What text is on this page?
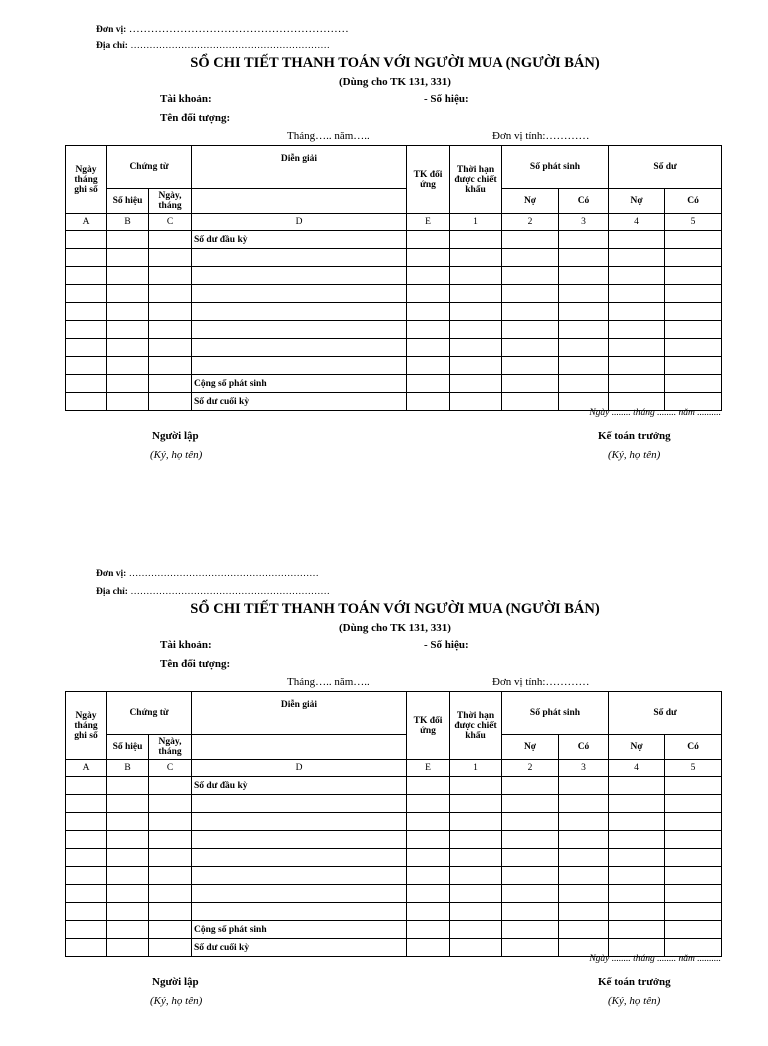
Đơn vị: ……………………………………………………
Địa chỉ: ………………………………………………………
SỔ CHI TIẾT THANH TOÁN VỚI NGƯỜI MUA (NGƯỜI BÁN)
(Dùng cho TK 131, 331)
Tài khoản:	- Số hiệu:
Tên đối tượng:
Tháng….. năm…..	Đơn vị tính:…………
Ngày tháng ghi sổ	Chứng từ		Diễn giải	TK đối ứng	Thời hạn được chiết khấu	Số phát sinh		Số dư	
	Số hiệu	Ngày, tháng				Nợ	Có	Nợ	Có
A	B	C	D	E	1	2	3	4	5
			Số dư đầu kỳ						

			Cộng số phát sinh						
			Số dư cuối kỳ						
Ngày ........ tháng ........ năm ..........
Người lập
(Ký, họ tên)
Kế toán trưởng
(Ký, họ tên)
Đơn vị: ……………………………………………………
Địa chỉ: ………………………………………………………
SỔ CHI TIẾT THANH TOÁN VỚI NGƯỜI MUA (NGƯỜI BÁN)
(Dùng cho TK 131, 331)
Tài khoản:	- Số hiệu:
Tên đối tượng:
Tháng….. năm…..	Đơn vị tính:…………
Ngày tháng ghi sổ	Chứng từ		Diễn giải	TK đối ứng	Thời hạn được chiết khấu	Số phát sinh		Số dư	
	Số hiệu	Ngày, tháng				Nợ	Có	Nợ	Có
A	B	C	D	E	1	2	3	4	5
			Số dư đầu kỳ						

			Cộng số phát sinh						
			Số dư cuối kỳ						
Ngày ........ tháng ........ năm ..........
Người lập
(Ký, họ tên)
Kế toán trưởng
(Ký, họ tên)
